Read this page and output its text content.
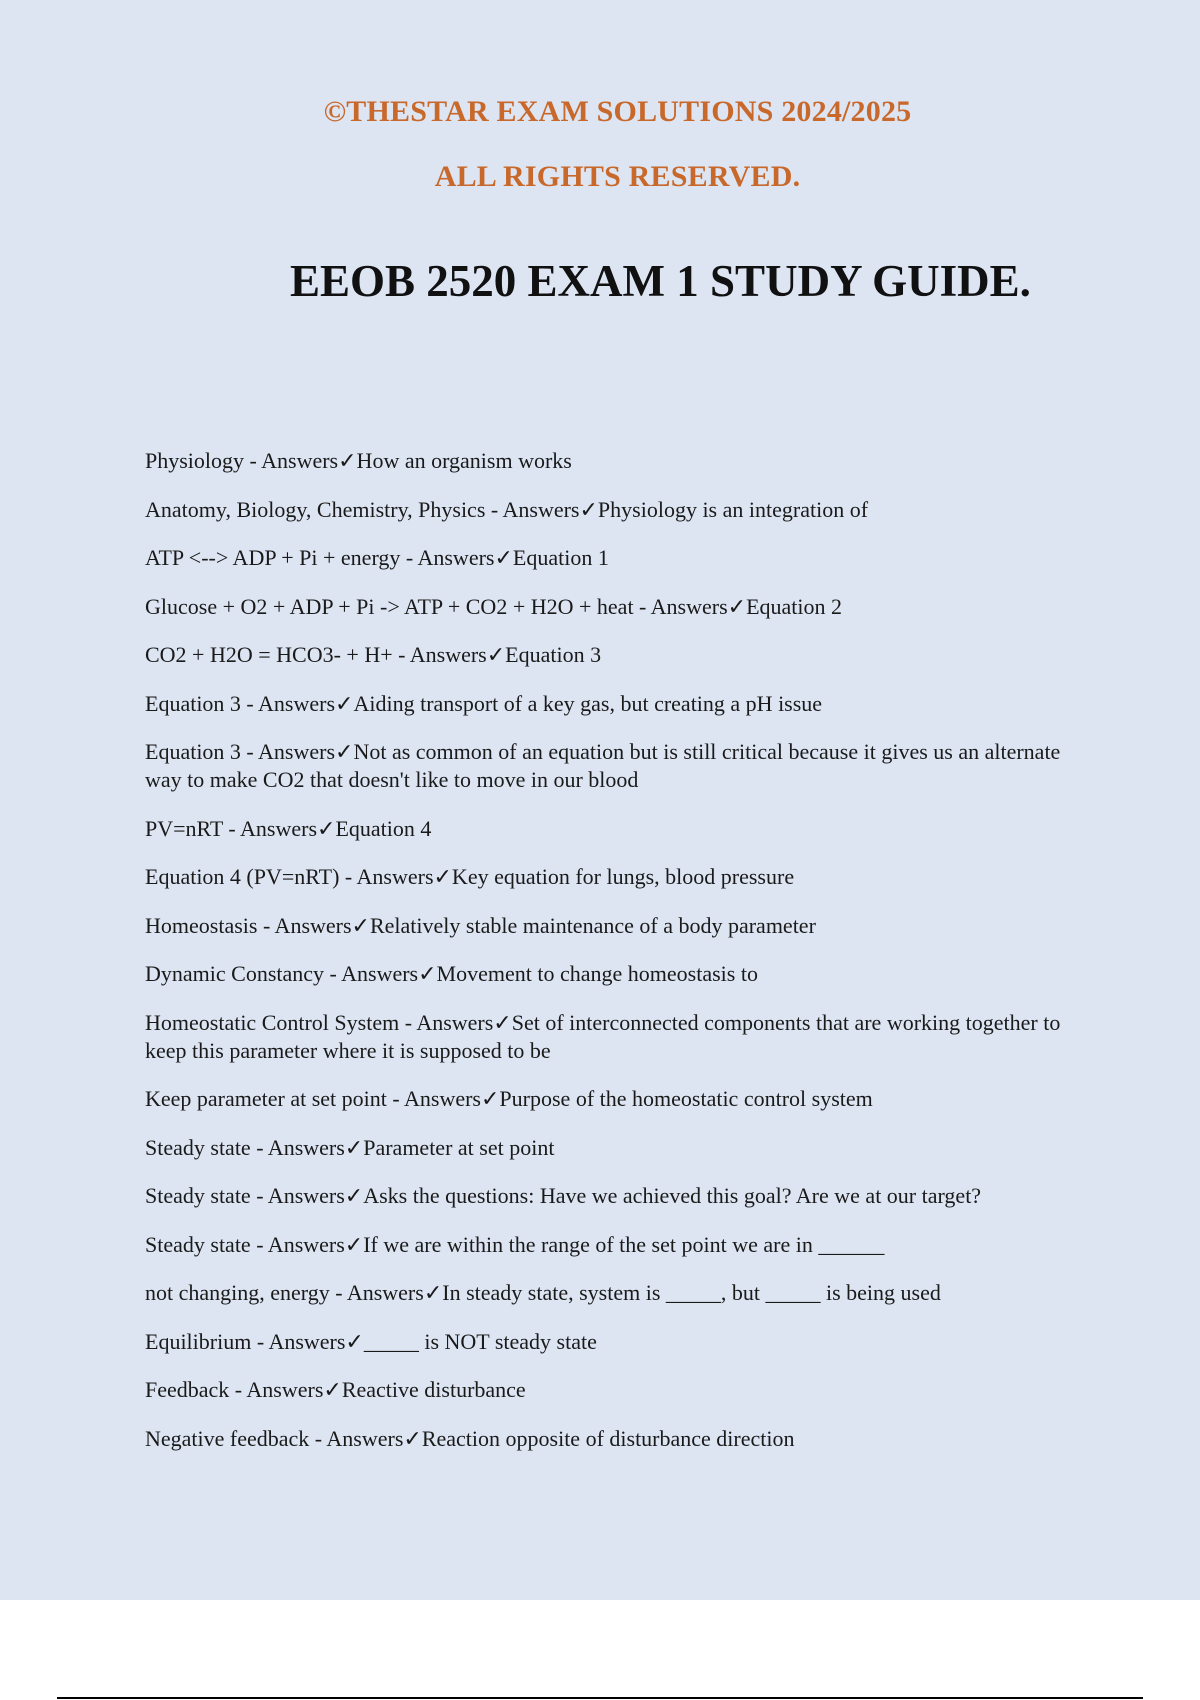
©THESTAR EXAM SOLUTIONS 2024/2025
ALL RIGHTS RESERVED.
EEOB 2520 EXAM 1 STUDY GUIDE.
Physiology - Answers✓How an organism works
Anatomy, Biology, Chemistry, Physics - Answers✓Physiology is an integration of
ATP <--> ADP + Pi + energy - Answers✓Equation 1
Glucose + O2 + ADP + Pi -> ATP + CO2 + H2O + heat - Answers✓Equation 2
CO2 + H2O = HCO3- + H+ - Answers✓Equation 3
Equation 3 - Answers✓Aiding transport of a key gas, but creating a pH issue
Equation 3 - Answers✓Not as common of an equation but is still critical because it gives us an alternate way to make CO2 that doesn't like to move in our blood
PV=nRT - Answers✓Equation 4
Equation 4 (PV=nRT) - Answers✓Key equation for lungs, blood pressure
Homeostasis - Answers✓Relatively stable maintenance of a body parameter
Dynamic Constancy - Answers✓Movement to change homeostasis to
Homeostatic Control System - Answers✓Set of interconnected components that are working together to keep this parameter where it is supposed to be
Keep parameter at set point - Answers✓Purpose of the homeostatic control system
Steady state - Answers✓Parameter at set point
Steady state - Answers✓Asks the questions: Have we achieved this goal? Are we at our target?
Steady state - Answers✓If we are within the range of the set point we are in ______
not changing, energy - Answers✓In steady state, system is _____, but _____ is being used
Equilibrium - Answers✓_____ is NOT steady state
Feedback - Answers✓Reactive disturbance
Negative feedback - Answers✓Reaction opposite of disturbance direction
